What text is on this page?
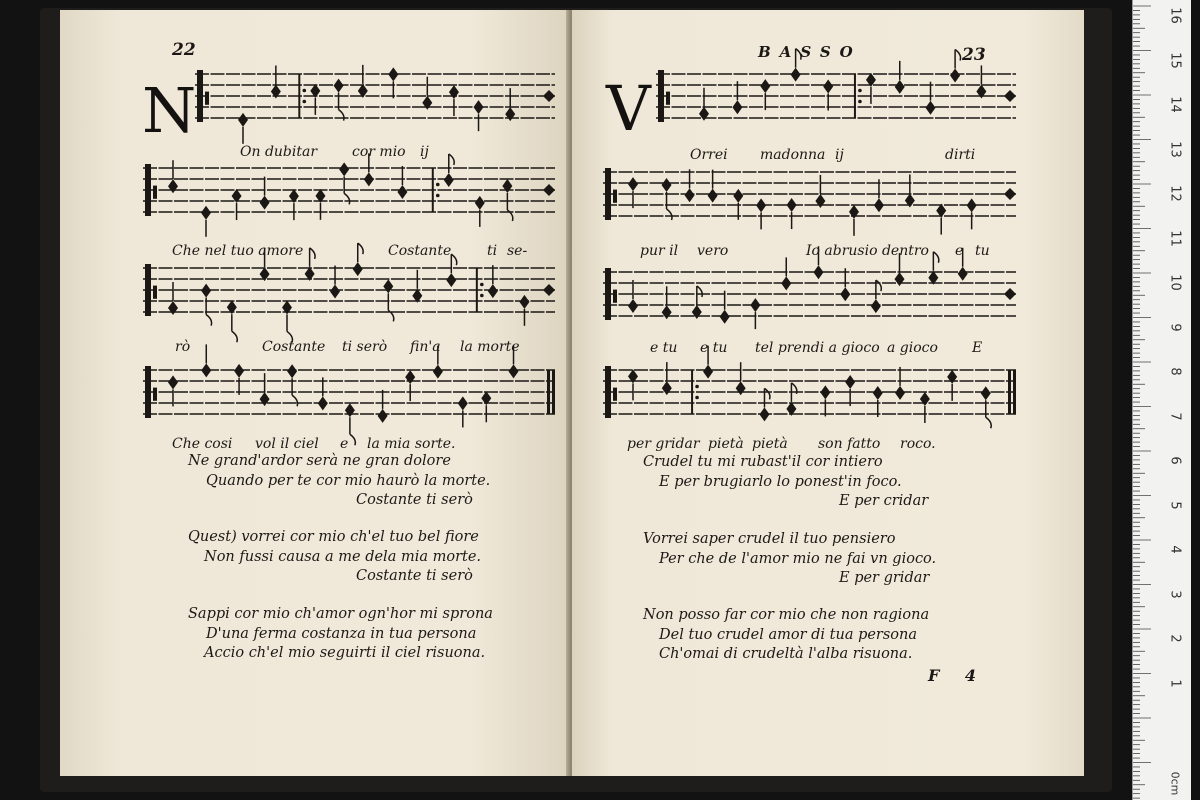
22
N
On dubitar cor mio ij
Che nel tuo amore	Costante	ti se-
rò	Costante ti serò fin'a la morte
Che cosi vol il ciel e la mia sorte.
Ne grand'ardor serà ne gran dolore
Quando per te cor mio haurò la morte.
Costante ti serò
Quest) vorrei cor mio ch'el tuo bel fiore
Non fussi causa a me dela mia morte.
Costante ti serò
Sappi cor mio ch'amor ogn'hor mi sprona
D'una ferma costanza in tua persona
Accio ch'el mio seguirti il ciel risuona.
BASSO	23
V
Orrei madonna ij	dirti
pur il vero	Io abrusio dentro e tu
e tu e tu tel prendi a gioco a gioco E
per gridar pietà pietà son fatto roco.
Crudel tu mi rubast'il cor intiero
E per brugiarlo lo ponest'in foco.
E per cridar
Vorrei saper crudel il tuo pensiero
Per che de l'amor mio ne fai vn gioco.
E per gridar
Non posso far cor mio che non ragiona
Del tuo crudel amor di tua persona
Ch'omai di crudeltà l'alba risuona.
F 4
16
15
14
13
12
11
10
9
8
7
6
5
4
3
2
1
0cm
